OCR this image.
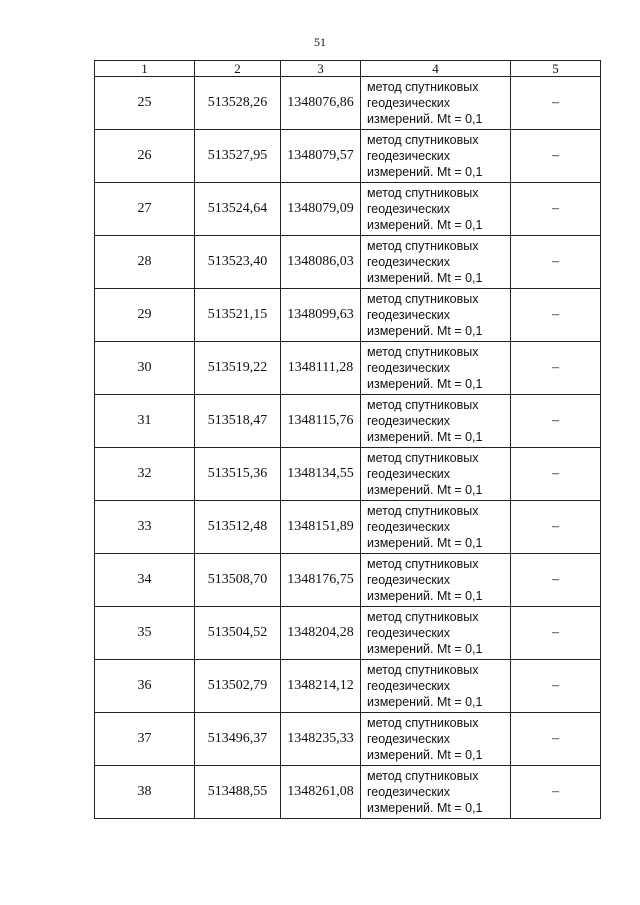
51
1	2	3	4	5
25	513528,26	1348076,86	метод спутниковых
геодезических
измерений. Mt = 0,1	–
26	513527,95	1348079,57	метод спутниковых
геодезических
измерений. Mt = 0,1	–
27	513524,64	1348079,09	метод спутниковых
геодезических
измерений. Mt = 0,1	–
28	513523,40	1348086,03	метод спутниковых
геодезических
измерений. Mt = 0,1	–
29	513521,15	1348099,63	метод спутниковых
геодезических
измерений. Mt = 0,1	–
30	513519,22	1348111,28	метод спутниковых
геодезических
измерений. Mt = 0,1	–
31	513518,47	1348115,76	метод спутниковых
геодезических
измерений. Mt = 0,1	–
32	513515,36	1348134,55	метод спутниковых
геодезических
измерений. Mt = 0,1	–
33	513512,48	1348151,89	метод спутниковых
геодезических
измерений. Mt = 0,1	–
34	513508,70	1348176,75	метод спутниковых
геодезических
измерений. Mt = 0,1	–
35	513504,52	1348204,28	метод спутниковых
геодезических
измерений. Mt = 0,1	–
36	513502,79	1348214,12	метод спутниковых
геодезических
измерений. Mt = 0,1	–
37	513496,37	1348235,33	метод спутниковых
геодезических
измерений. Mt = 0,1	–
38	513488,55	1348261,08	метод спутниковых
геодезических
измерений. Mt = 0,1	–
